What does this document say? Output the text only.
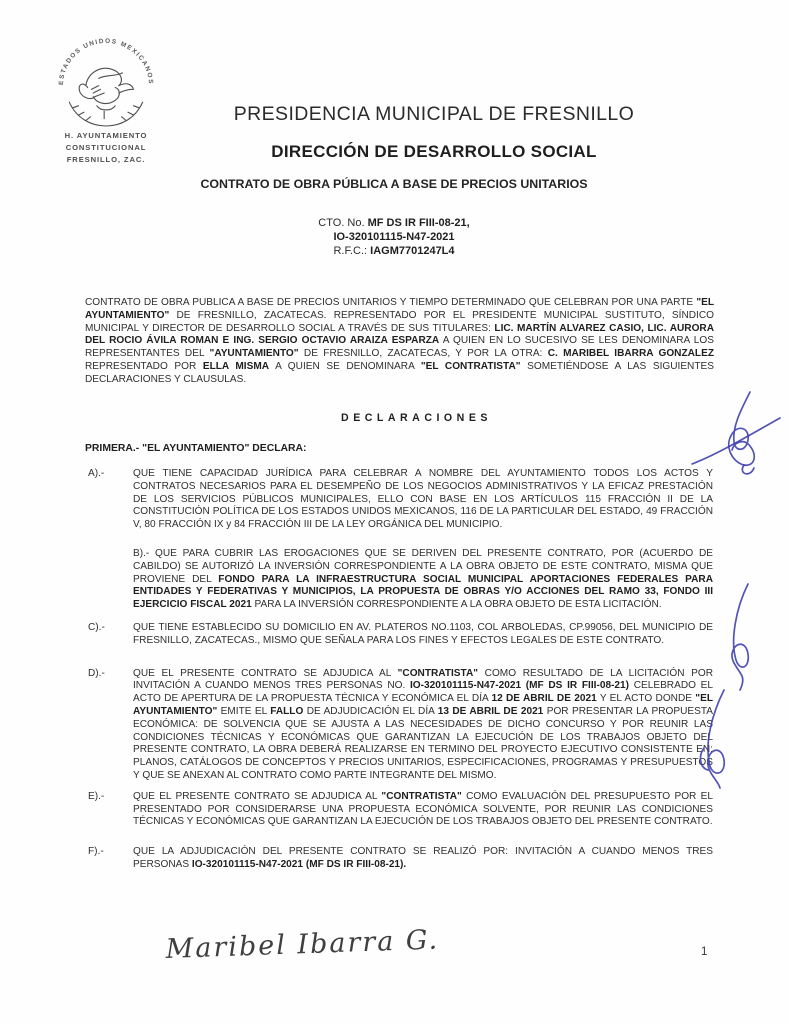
ESTADOS UNIDOS MEXICANOS
H. AYUNTAMIENTO
CONSTITUCIONAL
FRESNILLO, ZAC.
PRESIDENCIA MUNICIPAL DE FRESNILLO
DIRECCIÓN DE DESARROLLO SOCIAL
CONTRATO DE OBRA PÚBLICA A BASE DE PRECIOS UNITARIOS
CTO. No. MF DS IR FIII-08-21,
IO-320101115-N47-2021
R.F.C.: IAGM7701247L4
CONTRATO DE OBRA PUBLICA A BASE DE PRECIOS UNITARIOS Y TIEMPO DETERMINADO QUE CELEBRAN POR UNA PARTE "EL AYUNTAMIENTO" DE FRESNILLO, ZACATECAS. REPRESENTADO POR EL PRESIDENTE MUNICIPAL SUSTITUTO, SÍNDICO MUNICIPAL Y DIRECTOR DE DESARROLLO SOCIAL A TRAVÉS DE SUS TITULARES: LIC. MARTÍN ALVAREZ CASIO, LIC. AURORA DEL ROCIO ÁVILA ROMAN E ING. SERGIO OCTAVIO ARAIZA ESPARZA A QUIEN EN LO SUCESIVO SE LES DENOMINARA LOS REPRESENTANTES DEL "AYUNTAMIENTO" DE FRESNILLO, ZACATECAS, Y POR LA OTRA: C. MARIBEL IBARRA GONZALEZ REPRESENTADO POR ELLA MISMA A QUIEN SE DENOMINARA "EL CONTRATISTA" SOMETIÉNDOSE A LAS SIGUIENTES DECLARACIONES Y CLAUSULAS.
DECLARACIONES
PRIMERA.- "EL AYUNTAMIENTO" DECLARA:
A).-	QUE TIENE CAPACIDAD JURÍDICA PARA CELEBRAR A NOMBRE DEL AYUNTAMIENTO TODOS LOS ACTOS Y CONTRATOS NECESARIOS PARA EL DESEMPEÑO DE LOS NEGOCIOS ADMINISTRATIVOS Y LA EFICAZ PRESTACIÓN DE LOS SERVICIOS PÚBLICOS MUNICIPALES, ELLO CON BASE EN LOS ARTÍCULOS 115 FRACCIÓN II DE LA CONSTITUCIÓN POLÍTICA DE LOS ESTADOS UNIDOS MEXICANOS, 116 DE LA PARTICULAR DEL ESTADO, 49 FRACCIÓN V, 80 FRACCIÓN IX y 84 FRACCIÓN III DE LA LEY ORGÁNICA DEL MUNICIPIO.
B).- QUE PARA CUBRIR LAS EROGACIONES QUE SE DERIVEN DEL PRESENTE CONTRATO, POR (ACUERDO DE CABILDO) SE AUTORIZÓ LA INVERSIÓN CORRESPONDIENTE A LA OBRA OBJETO DE ESTE CONTRATO, MISMA QUE PROVIENE DEL FONDO PARA LA INFRAESTRUCTURA SOCIAL MUNICIPAL APORTACIONES FEDERALES PARA ENTIDADES Y FEDERATIVAS Y MUNICIPIOS, LA PROPUESTA DE OBRAS Y/O ACCIONES DEL RAMO 33, FONDO III EJERCICIO FISCAL 2021 PARA LA INVERSIÓN CORRESPONDIENTE A LA OBRA OBJETO DE ESTA LICITACIÓN.
C).-	QUE TIENE ESTABLECIDO SU DOMICILIO EN AV. PLATEROS NO.1103, COL ARBOLEDAS, CP.99056, DEL MUNICIPIO DE FRESNILLO, ZACATECAS., MISMO QUE SEÑALA PARA LOS FINES Y EFECTOS LEGALES DE ESTE CONTRATO.
D).-	QUE EL PRESENTE CONTRATO SE ADJUDICA AL "CONTRATISTA" COMO RESULTADO DE LA LICITACIÓN POR INVITACIÓN A CUANDO MENOS TRES PERSONAS NO. IO-320101115-N47-2021 (MF DS IR FIII-08-21) CELEBRADO EL ACTO DE APERTURA DE LA PROPUESTA TÉCNICA Y ECONÓMICA EL DÍA 12 DE ABRIL DE 2021 Y EL ACTO DONDE "EL AYUNTAMIENTO" EMITE EL FALLO DE ADJUDICACIÓN EL DÍA 13 DE ABRIL DE 2021 POR PRESENTAR LA PROPUESTA ECONÓMICA: DE SOLVENCIA QUE SE AJUSTA A LAS NECESIDADES DE DICHO CONCURSO Y POR REUNIR LAS CONDICIONES TÉCNICAS Y ECONÓMICAS QUE GARANTIZAN LA EJECUCIÓN DE LOS TRABAJOS OBJETO DEL PRESENTE CONTRATO, LA OBRA DEBERÁ REALIZARSE EN TERMINO DEL PROYECTO EJECUTIVO CONSISTENTE EN: PLANOS, CATÁLOGOS DE CONCEPTOS Y PRECIOS UNITARIOS, ESPECIFICACIONES, PROGRAMAS Y PRESUPUESTOS Y QUE SE ANEXAN AL CONTRATO COMO PARTE INTEGRANTE DEL MISMO.
E).-	QUE EL PRESENTE CONTRATO SE ADJUDICA AL "CONTRATISTA" COMO EVALUACIÓN DEL PRESUPUESTO POR EL PRESENTADO POR CONSIDERARSE UNA PROPUESTA ECONÓMICA SOLVENTE, POR REUNIR LAS CONDICIONES TÉCNICAS Y ECONÓMICAS QUE GARANTIZAN LA EJECUCIÓN DE LOS TRABAJOS OBJETO DEL PRESENTE CONTRATO.
F).-	QUE LA ADJUDICACIÓN DEL PRESENTE CONTRATO SE REALIZÓ POR: INVITACIÓN A CUANDO MENOS TRES PERSONAS IO-320101115-N47-2021 (MF DS IR FIII-08-21).
Maribel Ibarra G.	1
